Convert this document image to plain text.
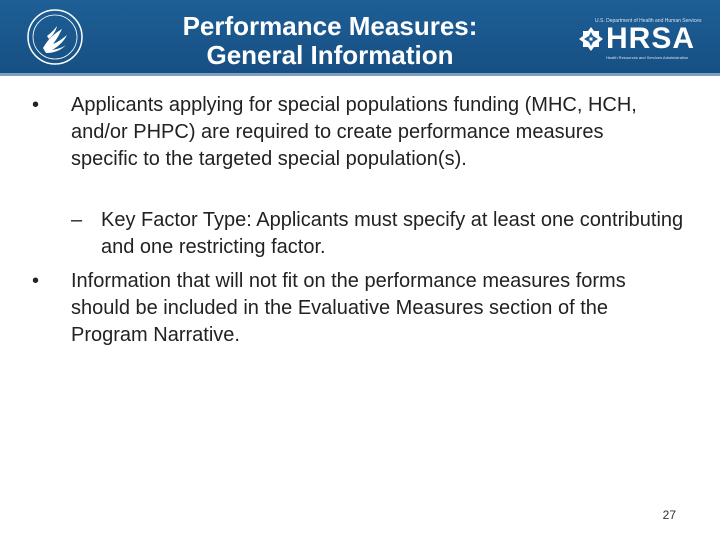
Performance Measures:
General Information
U.S. Department of Health and Human Services
HRSA
Health Resources and Services Administration
• Applicants applying for special populations funding (MHC, HCH, and/or PHPC) are required to create performance measures specific to the targeted special population(s).
– Key Factor Type: Applicants must specify at least one contributing and one restricting factor.
• Information that will not fit on the performance measures forms should be included in the Evaluative Measures section of the Program Narrative.
27
